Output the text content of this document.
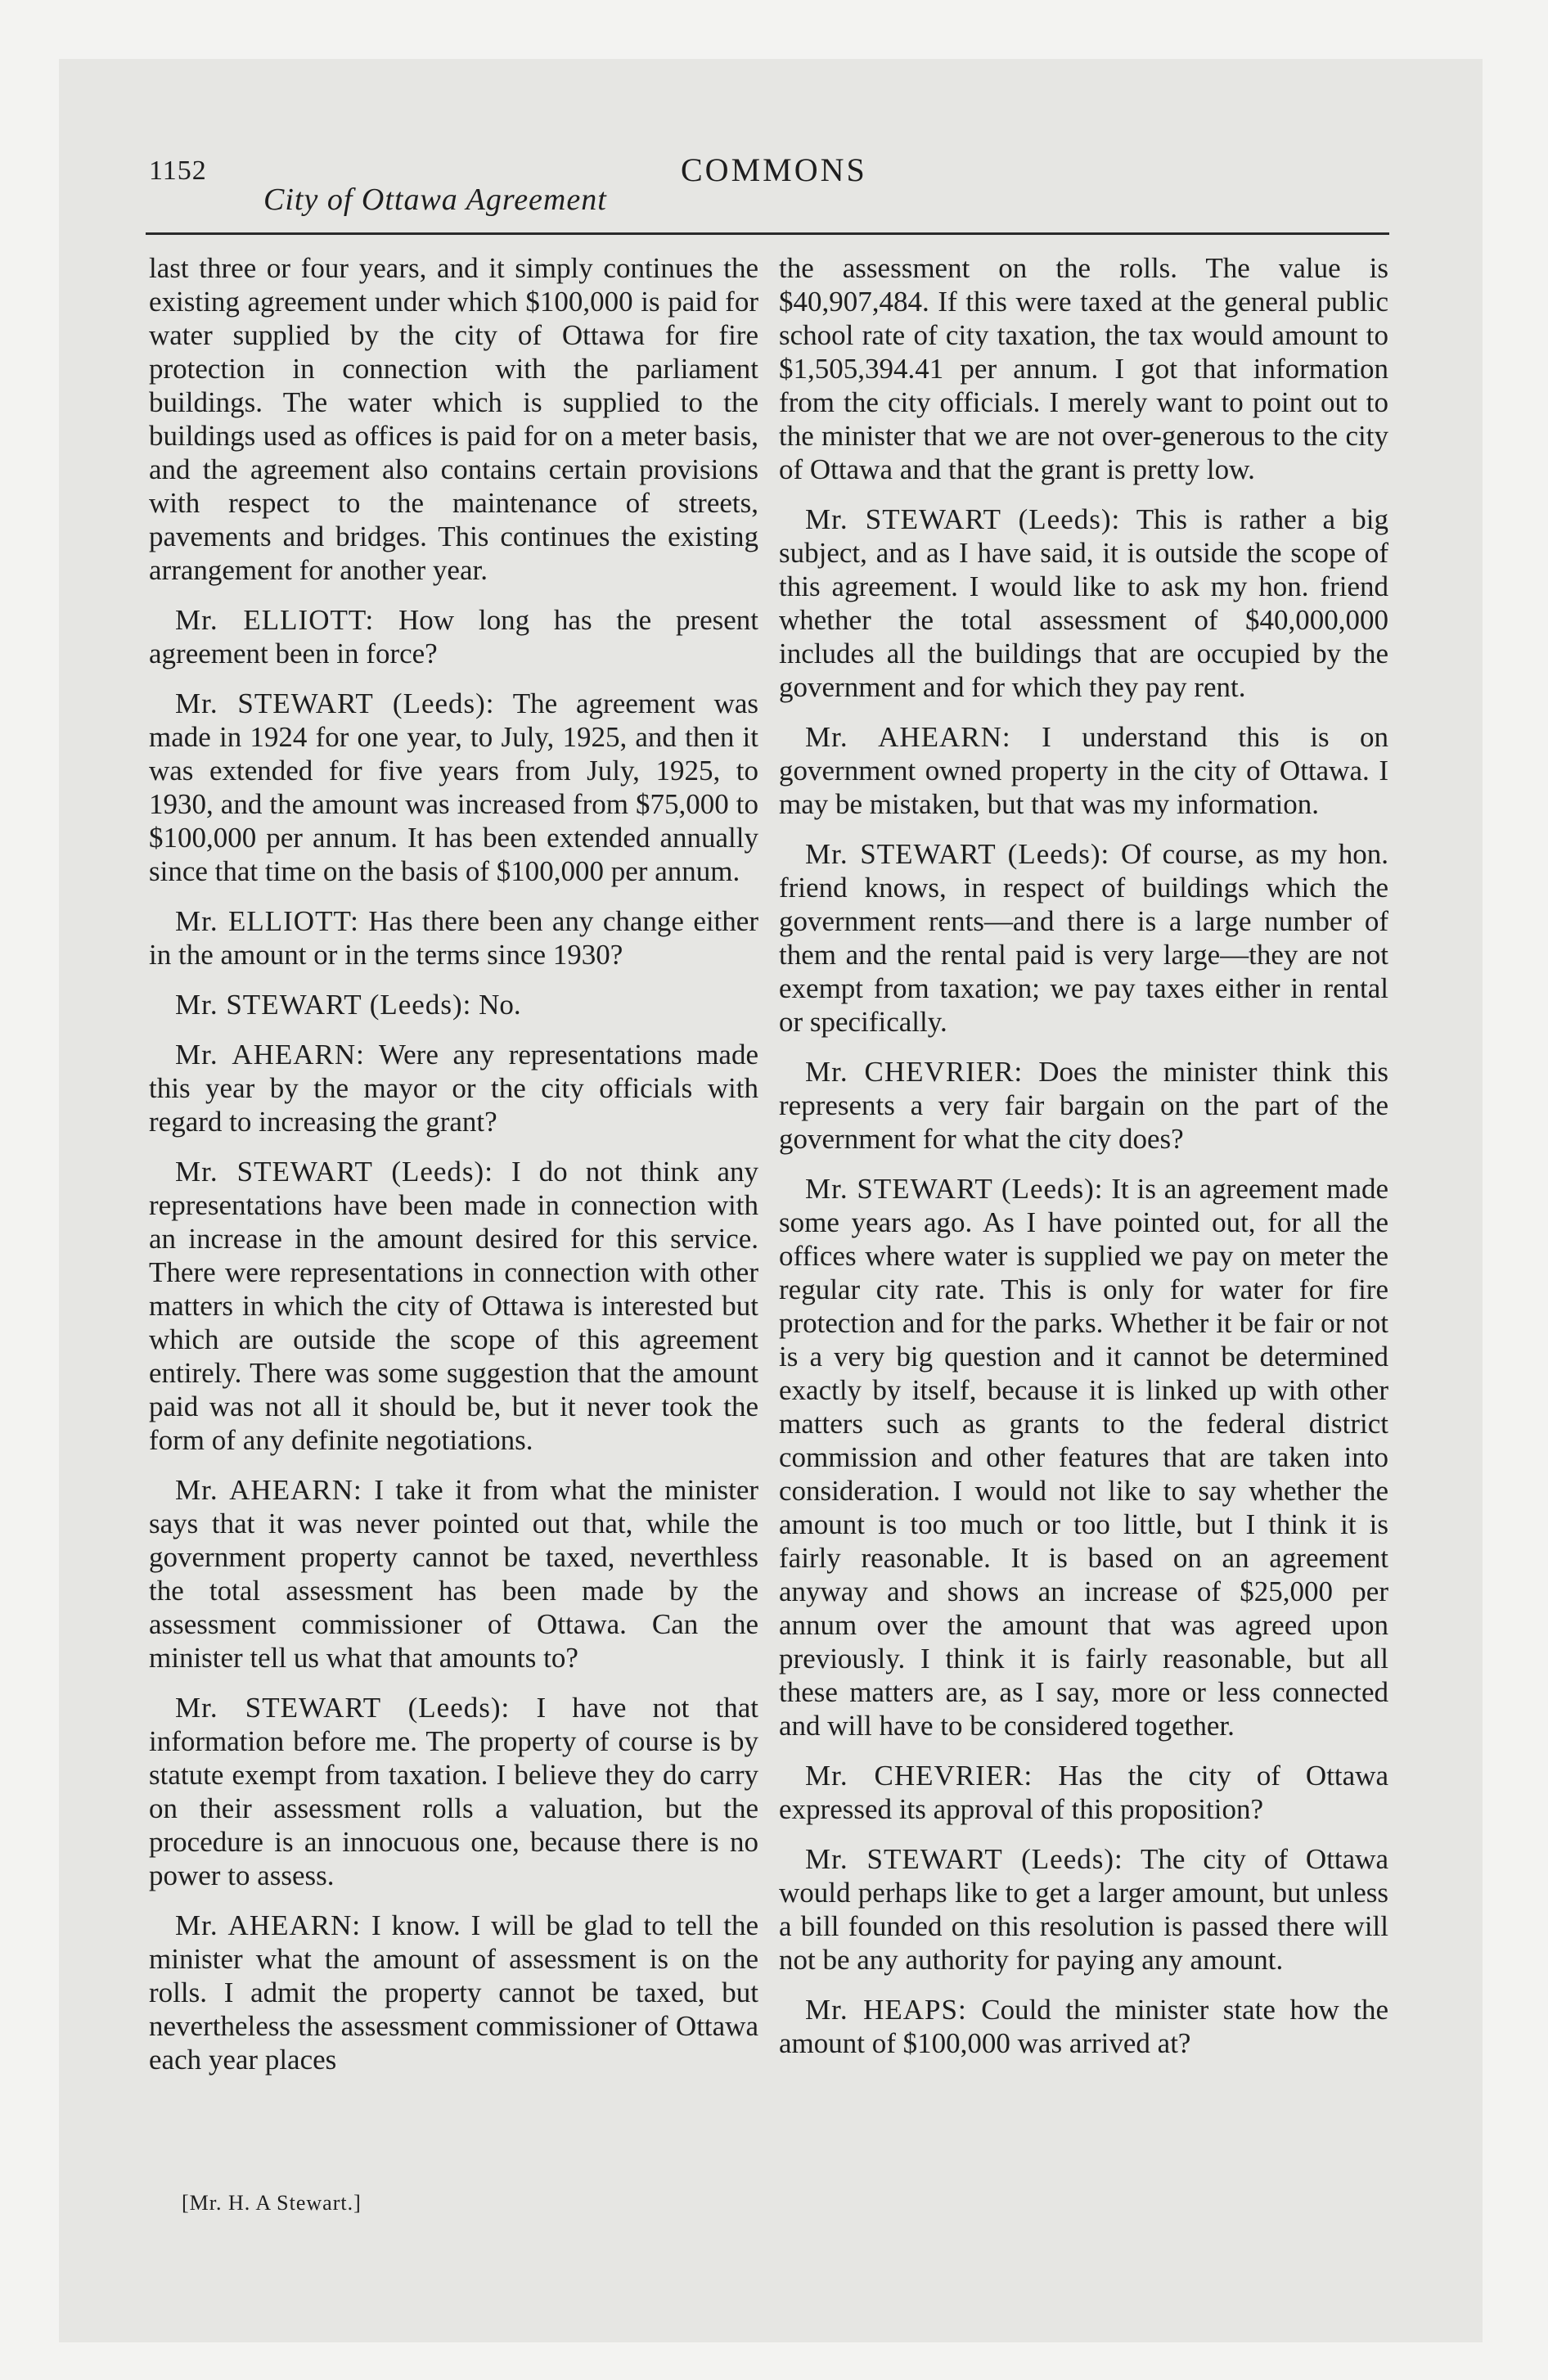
1152	COMMONS
City of Ottawa Agreement

last three or four years, and it simply continues the existing agreement under which $100,000 is paid for water supplied by the city of Ottawa for fire protection in connection with the parliament buildings. The water which is supplied to the buildings used as offices is paid for on a meter basis, and the agreement also contains certain provisions with respect to the maintenance of streets, pavements and bridges. This continues the existing arrangement for another year.

Mr. ELLIOTT: How long has the present agreement been in force?

Mr. STEWART (Leeds): The agreement was made in 1924 for one year, to July, 1925, and then it was extended for five years from July, 1925, to 1930, and the amount was increased from $75,000 to $100,000 per annum. It has been extended annually since that time on the basis of $100,000 per annum.

Mr. ELLIOTT: Has there been any change either in the amount or in the terms since 1930?

Mr. STEWART (Leeds): No.

Mr. AHEARN: Were any representations made this year by the mayor or the city officials with regard to increasing the grant?

Mr. STEWART (Leeds): I do not think any representations have been made in connection with an increase in the amount desired for this service. There were representations in connection with other matters in which the city of Ottawa is interested but which are outside the scope of this agreement entirely. There was some suggestion that the amount paid was not all it should be, but it never took the form of any definite negotiations.

Mr. AHEARN: I take it from what the minister says that it was never pointed out that, while the government property cannot be taxed, neverthless the total assessment has been made by the assessment commissioner of Ottawa. Can the minister tell us what that amounts to?

Mr. STEWART (Leeds): I have not that information before me. The property of course is by statute exempt from taxation. I believe they do carry on their assessment rolls a valuation, but the procedure is an innocuous one, because there is no power to assess.

Mr. AHEARN: I know. I will be glad to tell the minister what the amount of assessment is on the rolls. I admit the property cannot be taxed, but nevertheless the assessment commissioner of Ottawa each year places

the assessment on the rolls. The value is $40,907,484. If this were taxed at the general public school rate of city taxation, the tax would amount to $1,505,394.41 per annum. I got that information from the city officials. I merely want to point out to the minister that we are not over-generous to the city of Ottawa and that the grant is pretty low.

Mr. STEWART (Leeds): This is rather a big subject, and as I have said, it is outside the scope of this agreement. I would like to ask my hon. friend whether the total assessment of $40,000,000 includes all the buildings that are occupied by the government and for which they pay rent.

Mr. AHEARN: I understand this is on government owned property in the city of Ottawa. I may be mistaken, but that was my information.

Mr. STEWART (Leeds): Of course, as my hon. friend knows, in respect of buildings which the government rents—and there is a large number of them and the rental paid is very large—they are not exempt from taxation; we pay taxes either in rental or specifically.

Mr. CHEVRIER: Does the minister think this represents a very fair bargain on the part of the government for what the city does?

Mr. STEWART (Leeds): It is an agreement made some years ago. As I have pointed out, for all the offices where water is supplied we pay on meter the regular city rate. This is only for water for fire protection and for the parks. Whether it be fair or not is a very big question and it cannot be determined exactly by itself, because it is linked up with other matters such as grants to the federal district commission and other features that are taken into consideration. I would not like to say whether the amount is too much or too little, but I think it is fairly reasonable. It is based on an agreement anyway and shows an increase of $25,000 per annum over the amount that was agreed upon previously. I think it is fairly reasonable, but all these matters are, as I say, more or less connected and will have to be considered together.

Mr. CHEVRIER: Has the city of Ottawa expressed its approval of this proposition?

Mr. STEWART (Leeds): The city of Ottawa would perhaps like to get a larger amount, but unless a bill founded on this resolution is passed there will not be any authority for paying any amount.

Mr. HEAPS: Could the minister state how the amount of $100,000 was arrived at?

[Mr. H. A Stewart.]
